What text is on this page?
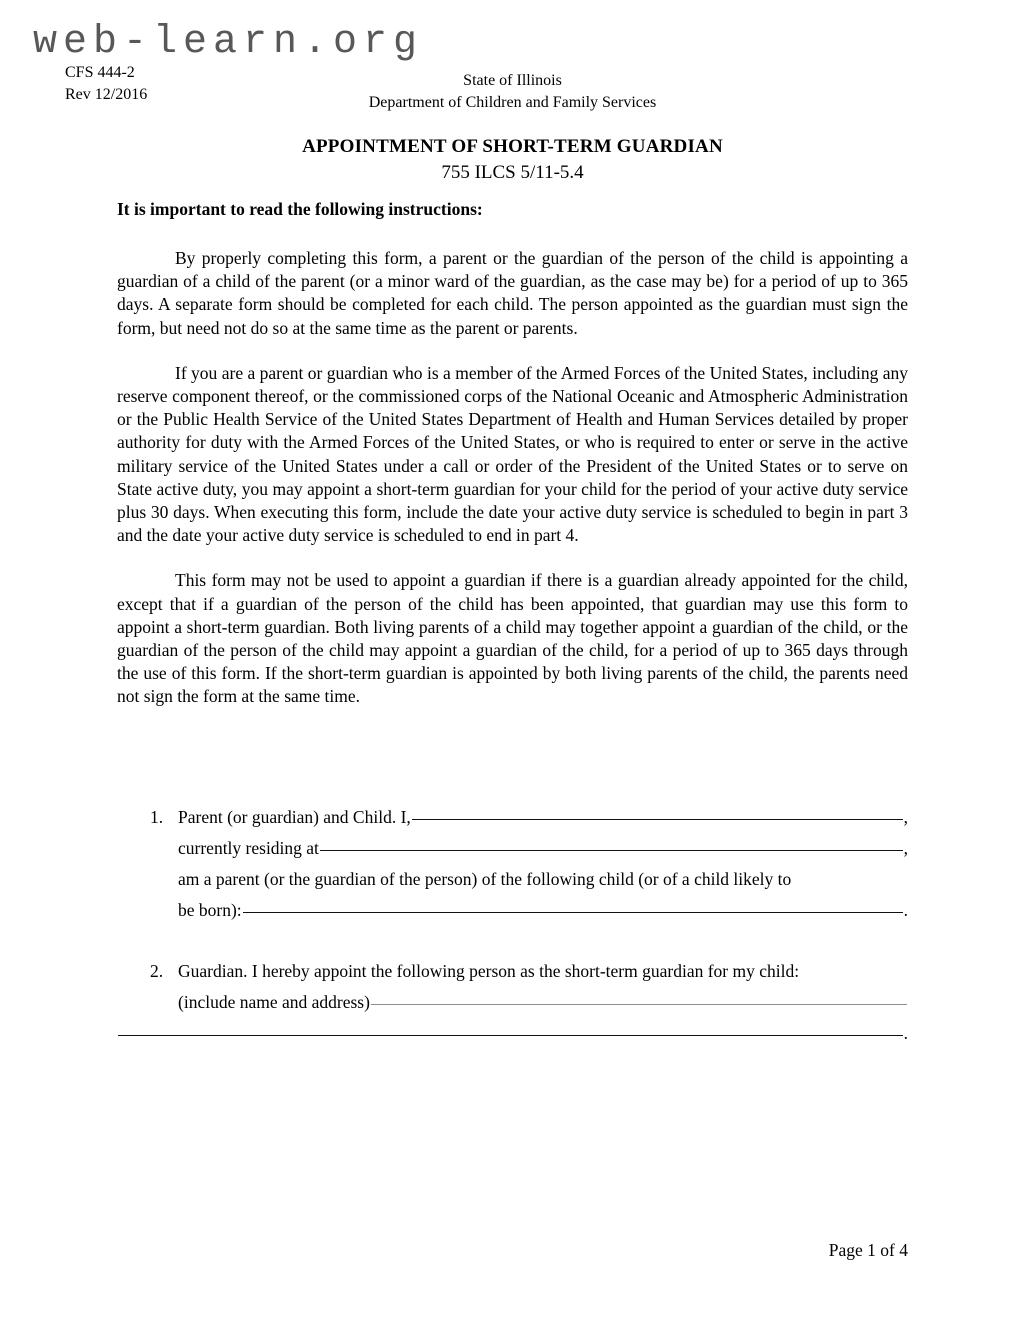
web-learn.org
CFS 444-2
Rev 12/2016
State of Illinois
Department of Children and Family Services
APPOINTMENT OF SHORT-TERM GUARDIAN
755 ILCS 5/11-5.4
It is important to read the following instructions:

By properly completing this form, a parent or the guardian of the person of the child is appointing a guardian of a child of the parent (or a minor ward of the guardian, as the case may be) for a period of up to 365 days. A separate form should be completed for each child. The person appointed as the guardian must sign the form, but need not do so at the same time as the parent or parents.

If you are a parent or guardian who is a member of the Armed Forces of the United States, including any reserve component thereof, or the commissioned corps of the National Oceanic and Atmospheric Administration or the Public Health Service of the United States Department of Health and Human Services detailed by proper authority for duty with the Armed Forces of the United States, or who is required to enter or serve in the active military service of the United States under a call or order of the President of the United States or to serve on State active duty, you may appoint a short-term guardian for your child for the period of your active duty service plus 30 days. When executing this form, include the date your active duty service is scheduled to begin in part 3 and the date your active duty service is scheduled to end in part 4.

This form may not be used to appoint a guardian if there is a guardian already appointed for the child, except that if a guardian of the person of the child has been appointed, that guardian may use this form to appoint a short-term guardian. Both living parents of a child may together appoint a guardian of the child, or the guardian of the person of the child may appoint a guardian of the child, for a period of up to 365 days through the use of this form. If the short-term guardian is appointed by both living parents of the child, the parents need not sign the form at the same time.

1. Parent (or guardian) and Child. I,	,
currently residing at	,
am a parent (or the guardian of the person) of the following child (or of a child likely to
be born):	.
2. Guardian. I hereby appoint the following person as the short-term guardian for my child:
(include name and address)
.
Page 1 of 4
